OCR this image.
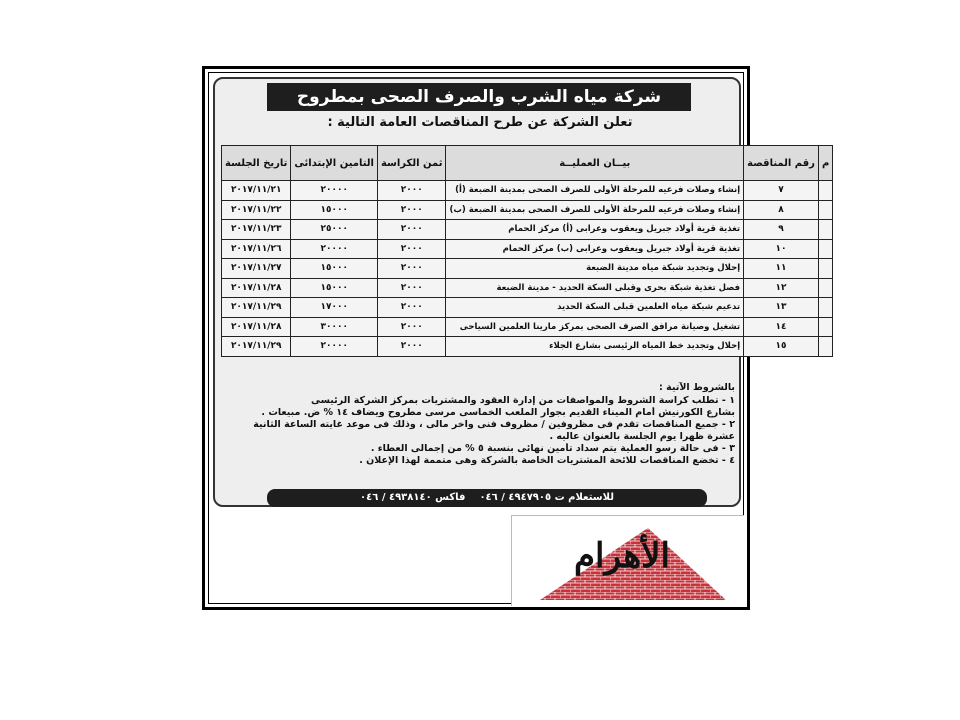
شركة مياه الشرب والصرف الصحى بمطروح
تعلن الشركة عن طرح المناقصات العامة التالية :
م	رقم المناقصة	بيــان العمليــة	ثمن الكراسة	التامين الإبتدائى	تاريخ الجلسة
	٧	إنشاء وصلات فرعيه للمرحلة الأولى للصرف الصحى بمدينة الضبعة (أ)	٢٠٠٠	٢٠٠٠٠	٢٠١٧/١١/٢١
	٨	إنشاء وصلات فرعيه للمرحلة الأولى للصرف الصحى بمدينة الضبعة (ب)	٢٠٠٠	١٥٠٠٠	٢٠١٧/١١/٢٢
	٩	تغذية قرية أولاد جبريل ويعقوب وعرابى (أ) مركز الحمام	٢٠٠٠	٢٥٠٠٠	٢٠١٧/١١/٢٣
	١٠	تغذية قرية أولاد جبريل ويعقوب وعرابى (ب) مركز الحمام	٢٠٠٠	٢٠٠٠٠	٢٠١٧/١١/٢٦
	١١	إحلال وتجديد شبكة مياه مدينة الضبعة	٢٠٠٠	١٥٠٠٠	٢٠١٧/١١/٢٧
	١٢	فصل تغذية شبكة بحرى وقبلى السكة الحديد - مدينة الضبعة	٢٠٠٠	١٥٠٠٠	٢٠١٧/١١/٢٨
	١٣	تدعيم شبكة مياه العلمين قبلى السكة الحديد	٢٠٠٠	١٧٠٠٠	٢٠١٧/١١/٢٩
	١٤	تشغيل وصيانة مرافق الصرف الصحى بمركز مارينا العلمين السياحى	٢٠٠٠	٣٠٠٠٠	٢٠١٧/١١/٢٨
	١٥	إحلال وتجديد خط المياه الرئيسى بشارع الجلاء	٢٠٠٠	٢٠٠٠٠	٢٠١٧/١١/٢٩
بالشروط الآتية :
١ - تطلب كراسة الشروط والمواصفات من إدارة العقود والمشتريات بمركز الشركة الرئيسى
بشارع الكورنيش أمام الميناء القديم بجوار الملعب الخماسى مرسى مطروح ويضاف ١٤ % ض. مبيعات .
٢ - جميع المناقصات تقدم فى مظروفين / مظروف فنى وآخر مالى ، وذلك فى موعد غايته الساعة الثانية
عشرة ظهرا يوم الجلسة بالعنوان عاليه .
٣ - فى حالة رسو العملية يتم سداد تأمين نهائى بنسبة ٥ % من إجمالى العطاء .
٤ - تخضع المناقصات للائحة المشتريات الخاصة بالشركة وهى متممة لهذا الإعلان .
للاستعلام ت ٤٩٤٧٩٠٥ / ٠٤٦
فاكس ٤٩٣٨١٤٠ / ٠٤٦
الأهرام
